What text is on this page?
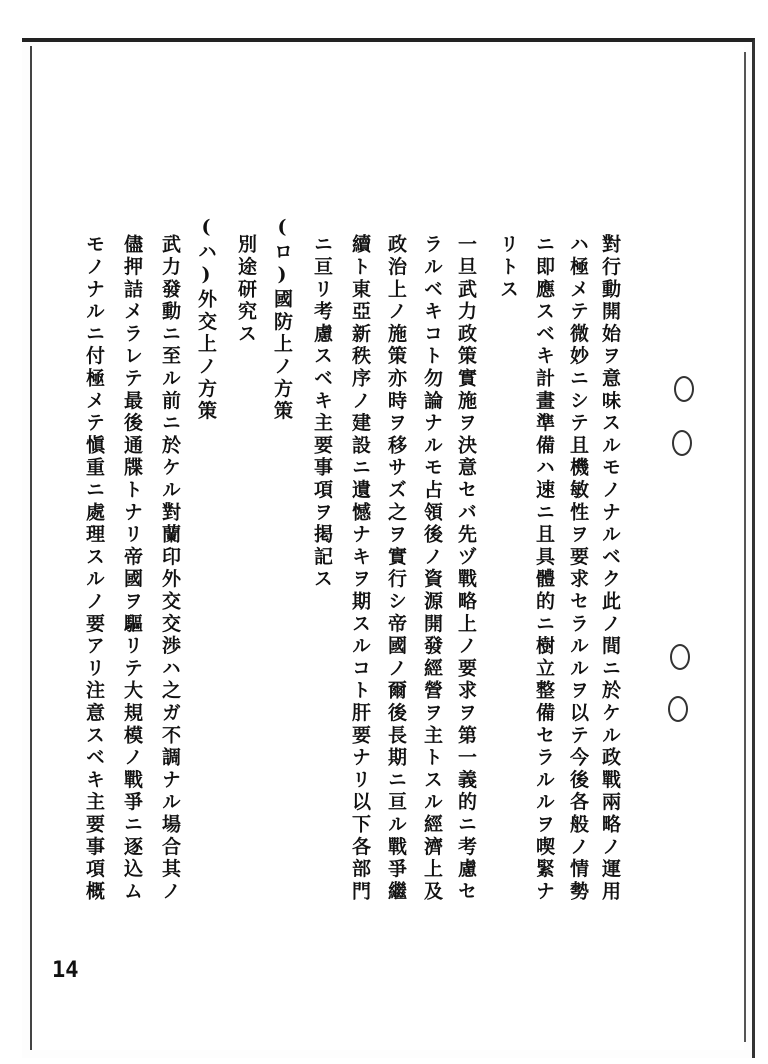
對行動開始ヲ意味スルモノナルベク此ノ間ニ於ケル政戰兩略ノ運用
ハ極メテ微妙ニシテ且機敏性ヲ要求セラルルヲ以テ今後各般ノ情勢
ニ即應スベキ計畫準備ハ速ニ且具體的ニ樹立整備セラルルヲ喫緊ナ
リトス
一旦武力政策實施ヲ決意セバ先ヅ戰略上ノ要求ヲ第一義的ニ考慮セ
ラルベキコト勿論ナルモ占領後ノ資源開發經營ヲ主トスル經濟上及
政治上ノ施策亦時ヲ移サズ之ヲ實行シ帝國ノ爾後長期ニ亘ル戰爭繼
續ト東亞新秩序ノ建設ニ遺憾ナキヲ期スルコト肝要ナリ以下各部門
ニ亘リ考慮スベキ主要事項ヲ掲記ス
(ロ)國防上ノ方策
別途研究ス
(ハ)外交上ノ方策
武力發動ニ至ル前ニ於ケル對蘭印外交交渉ハ之ガ不調ナル場合其ノ
儘押詰メラレテ最後通牒トナリ帝國ヲ驅リテ大規模ノ戰爭ニ逐込ム
モノナルニ付極メテ愼重ニ處理スルノ要アリ注意スベキ主要事項概
14
